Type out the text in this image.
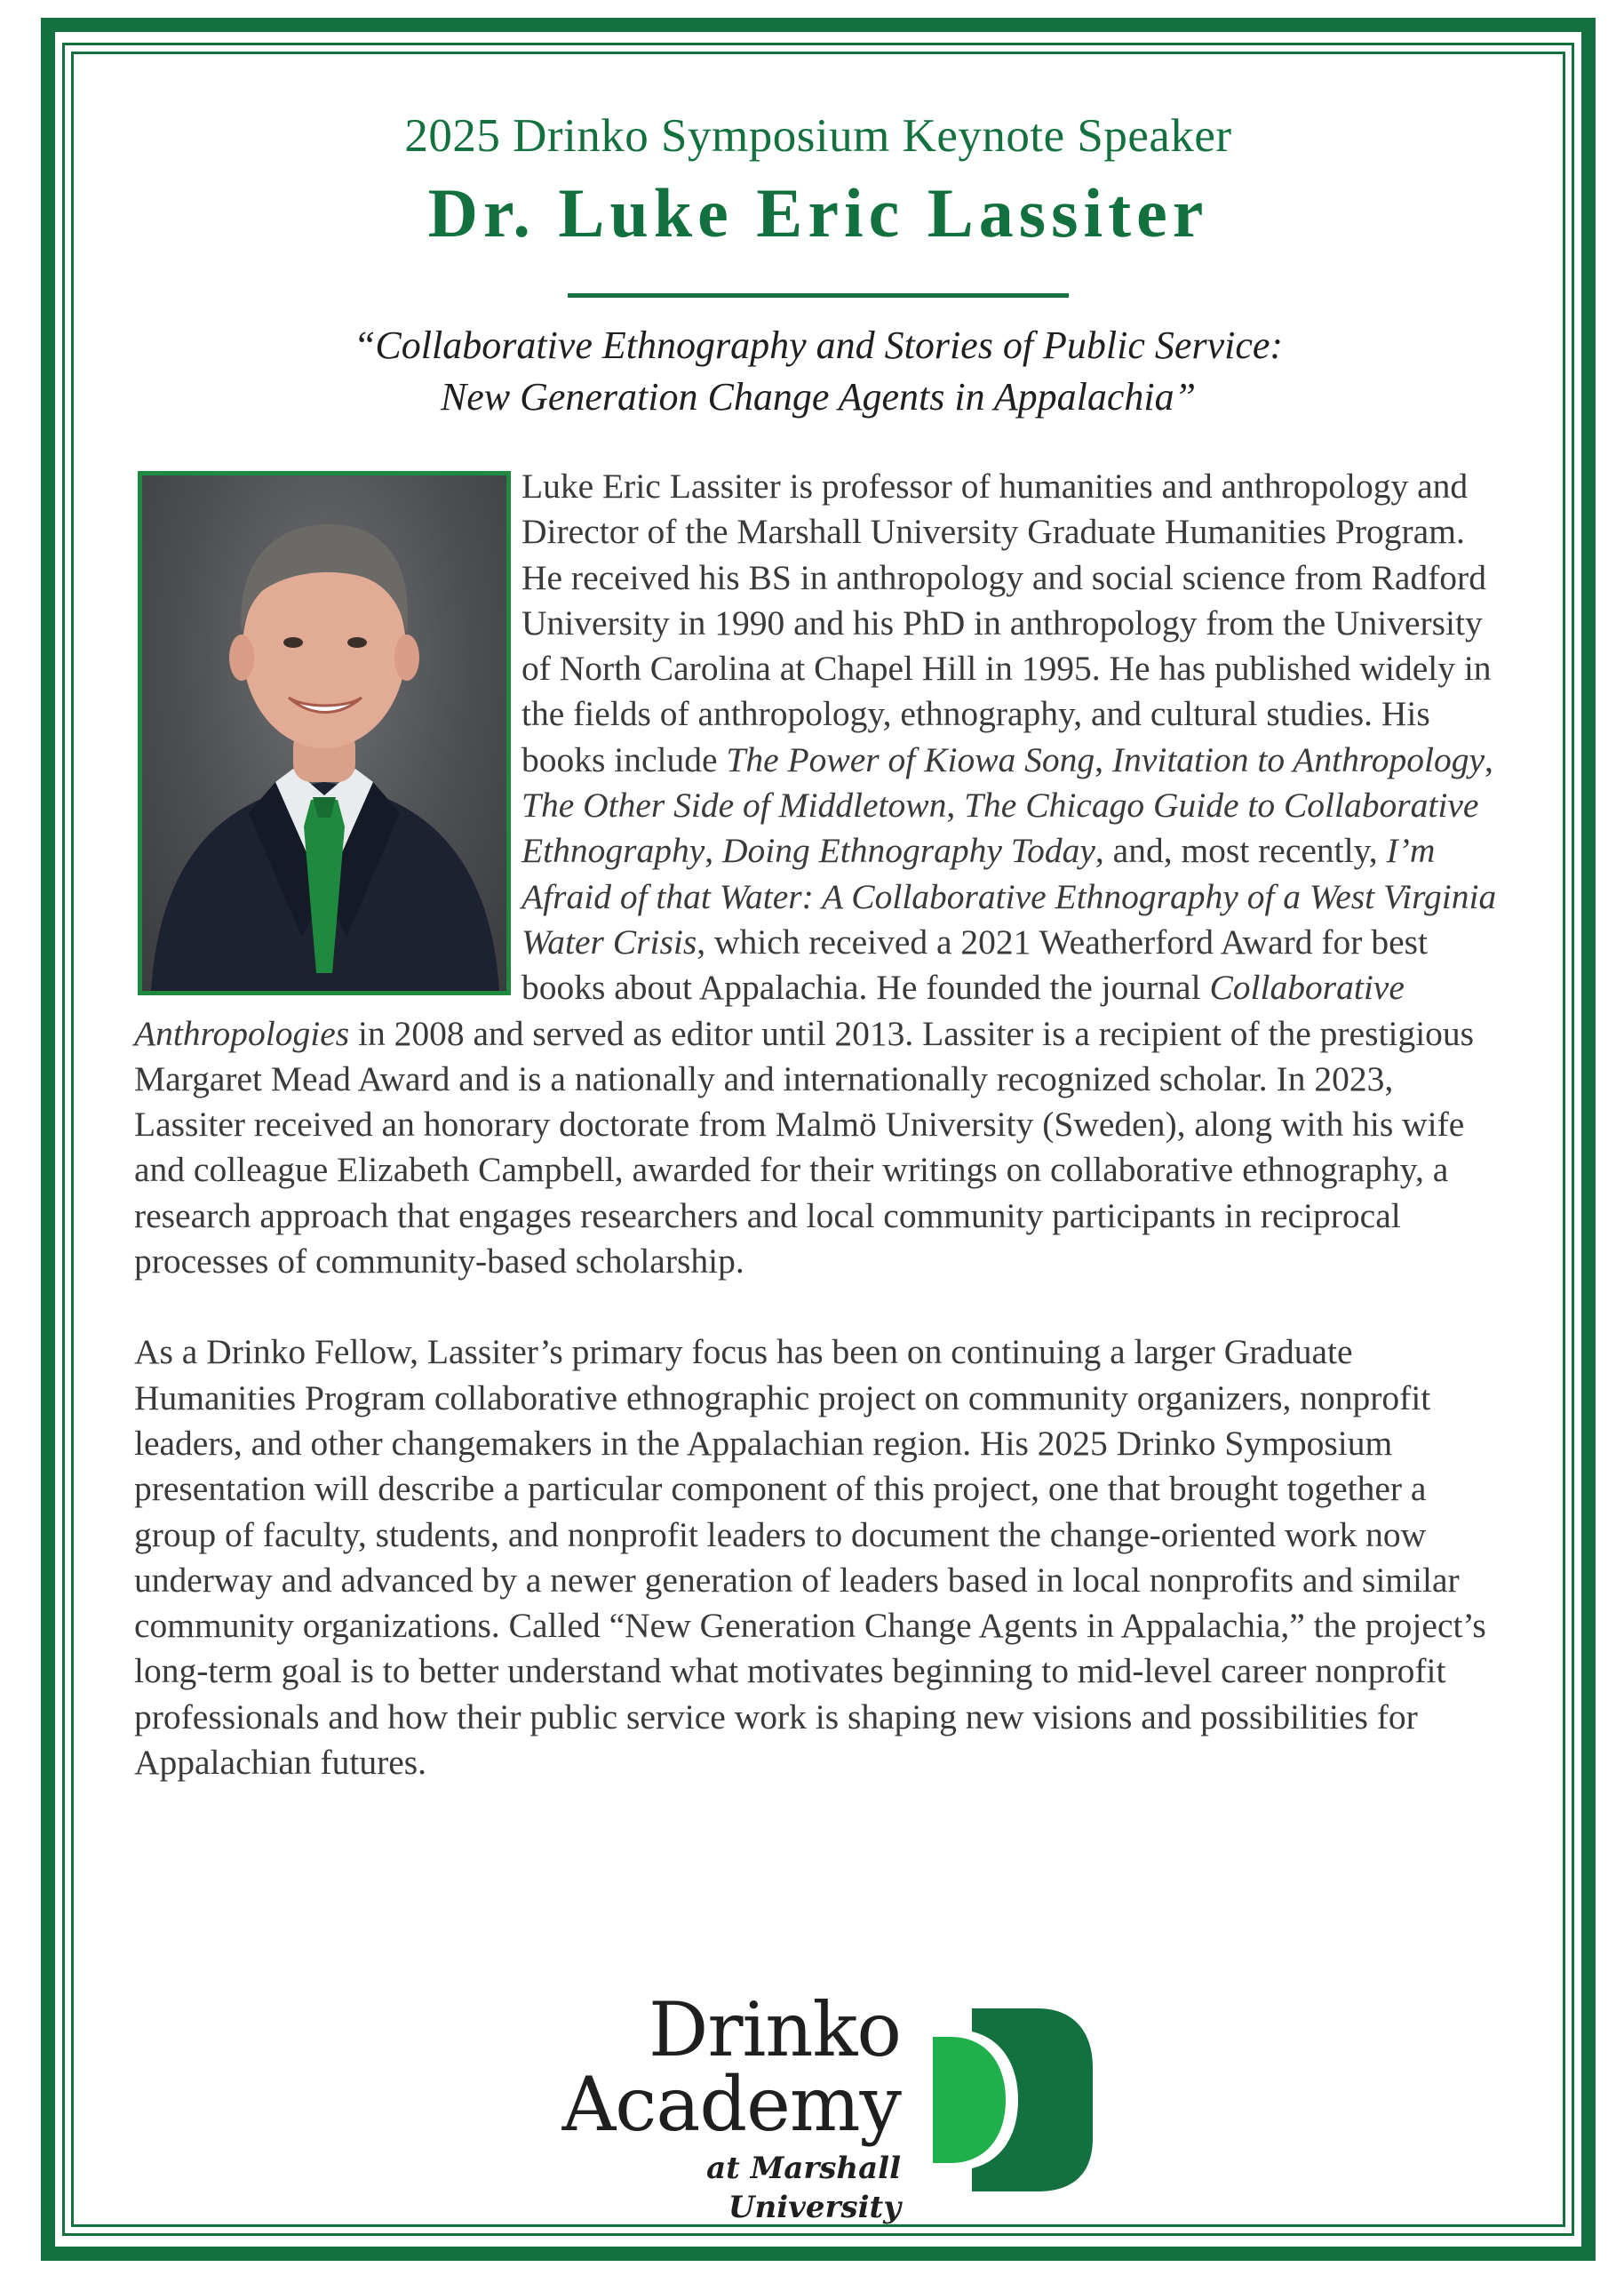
2025 Drinko Symposium Keynote Speaker
Dr. Luke Eric Lassiter
“Collaborative Ethnography and Stories of Public Service:
New Generation Change Agents in Appalachia”

Luke Eric Lassiter is professor of humanities and anthropology and Director of the Marshall University Graduate Humanities Program. He received his BS in anthropology and social science from Radford University in 1990 and his PhD in anthropology from the University of North Carolina at Chapel Hill in 1995. He has published widely in the fields of anthropology, ethnography, and cultural studies. His books include The Power of Kiowa Song, Invitation to Anthropology, The Other Side of Middletown, The Chicago Guide to Collaborative Ethnography, Doing Ethnography Today, and, most recently, I’m Afraid of that Water: A Collaborative Ethnography of a West Virginia Water Crisis, which received a 2021 Weatherford Award for best books about Appalachia. He founded the journal Collaborative Anthropologies in 2008 and served as editor until 2013. Lassiter is a recipient of the prestigious Margaret Mead Award and is a nationally and internationally recognized scholar. In 2023, Lassiter received an honorary doctorate from Malmö University (Sweden), along with his wife and colleague Elizabeth Campbell, awarded for their writings on collaborative ethnography, a research approach that engages researchers and local community participants in reciprocal processes of community-based scholarship.

As a Drinko Fellow, Lassiter’s primary focus has been on continuing a larger Graduate Humanities Program collaborative ethnographic project on community organizers, nonprofit leaders, and other changemakers in the Appalachian region. His 2025 Drinko Symposium presentation will describe a particular component of this project, one that brought together a group of faculty, students, and nonprofit leaders to document the change-oriented work now underway and advanced by a newer generation of leaders based in local nonprofits and similar community organizations. Called “New Generation Change Agents in Appalachia,” the project’s long-term goal is to better understand what motivates beginning to mid-level career nonprofit professionals and how their public service work is shaping new visions and possibilities for Appalachian futures.

Drinko
Academy
at Marshall University
